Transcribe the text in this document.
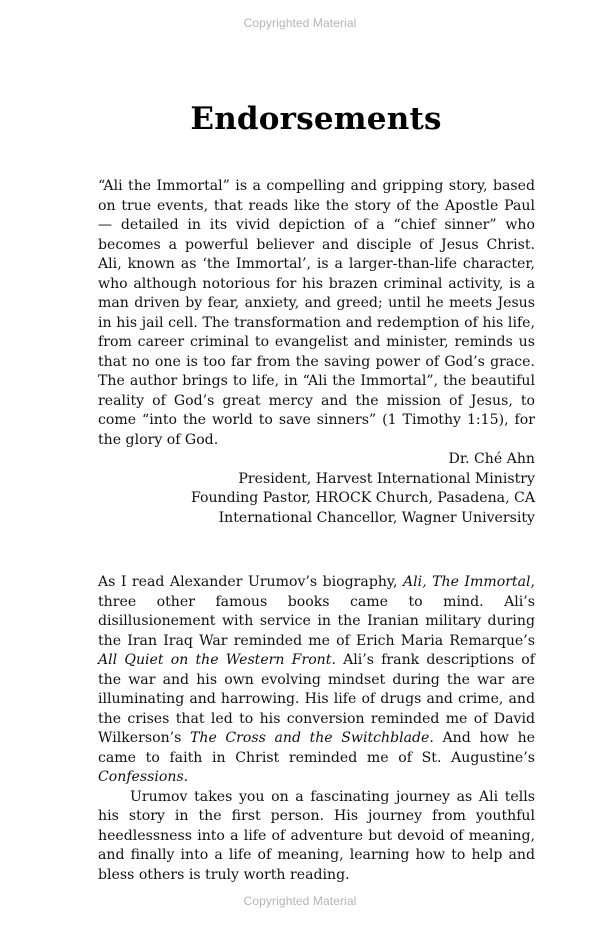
Copyrighted Material
Endorsements

“Ali the Immortal” is a compelling and gripping story, based on true events, that reads like the story of the Apostle Paul — detailed in its vivid depiction of a “chief sinner” who becomes a powerful believer and disciple of Jesus Christ. Ali, known as ‘the Immortal’, is a larger-than-life character, who although notorious for his brazen criminal activity, is a man driven by fear, anxiety, and greed; until he meets Jesus in his jail cell. The transformation and redemption of his life, from career criminal to evangelist and minister, reminds us that no one is too far from the saving power of God’s grace. The author brings to life, in “Ali the Immortal”, the beautiful reality of God’s great mercy and the mission of Jesus, to come “into the world to save sinners” (1 Timothy 1:15), for the glory of God.

Dr. Ché Ahn
President, Harvest International Ministry
Founding Pastor, HROCK Church, Pasadena, CA
International Chancellor, Wagner University

As I read Alexander Urumov’s biography, Ali, The Immortal, three other famous books came to mind. Ali’s disillusionement with service in the Iranian military during the Iran Iraq War reminded me of Erich Maria Remarque’s All Quiet on the Western Front. Ali’s frank descriptions of the war and his own evolving mindset during the war are illuminating and harrowing. His life of drugs and crime, and the crises that led to his conversion reminded me of David Wilkerson’s The Cross and the Switchblade. And how he came to faith in Christ reminded me of St. Augustine’s Confessions.

Urumov takes you on a fascinating journey as Ali tells his story in the first person. His journey from youthful heedlessness into a life of adventure but devoid of meaning, and finally into a life of meaning, learning how to help and bless others is truly worth reading.

Copyrighted Material
